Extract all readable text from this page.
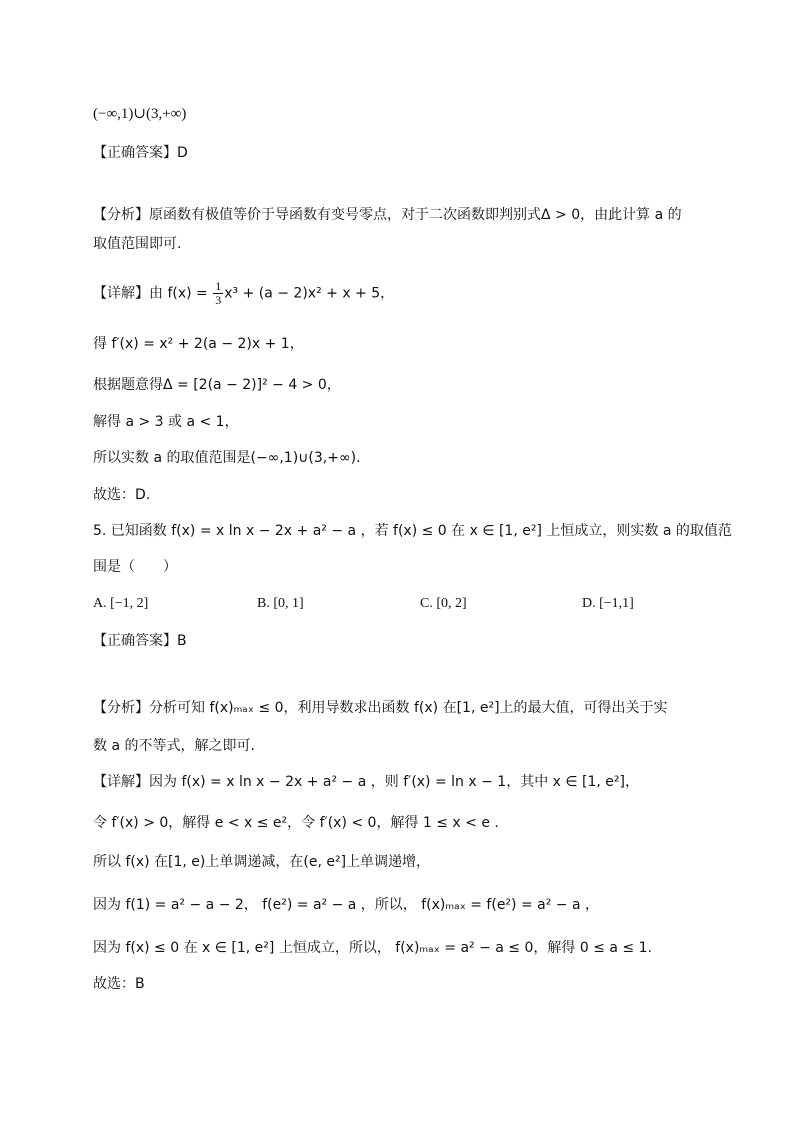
(−∞,1)∪(3,+∞)
【正确答案】D
【分析】原函数有极值等价于导函数有变号零点，对于二次函数即判别式Δ > 0，由此计算 a 的
取值范围即可.
【详解】由 $f(x) = \frac{1}{3} x^3 + (a - 2)x^2 + x + 5$，
得 f′(x) = x² + 2(a − 2)x + 1，
根据题意得Δ = [2(a − 2)]² − 4 > 0，
解得 a > 3 或 a < 1，
所以实数 a 的取值范围是(−∞,1)∪(3,+∞).
故选：D.
5. 已知函数 f(x) = x ln x − 2x + a² − a ，若 f(x) ≤ 0 在 x ∈ [1, e²] 上恒成立，则实数 a 的取值范
围是（　　）
A. [−1, 2]	B. [0, 1]	C. [0, 2]	D. [−1,1]
【正确答案】B
【分析】分析可知 f(x)ₘₐₓ ≤ 0，利用导数求出函数 f(x) 在[1, e²]上的最大值，可得出关于实
数 a 的不等式，解之即可.
【详解】因为 f(x) = x ln x − 2x + a² − a ，则 f′(x) = ln x − 1，其中 x ∈ [1, e²]，
令 f′(x) > 0，解得 e < x ≤ e²，令 f′(x) < 0，解得 1 ≤ x < e .
所以 f(x) 在[1, e)上单调递减，在(e, e²]上单调递增，
因为 f(1) = a² − a − 2， f(e²) = a² − a ，所以， f(x)ₘₐₓ = f(e²) = a² − a ，
因为 f(x) ≤ 0 在 x ∈ [1, e²] 上恒成立，所以， f(x)ₘₐₓ = a² − a ≤ 0，解得 0 ≤ a ≤ 1.
故选：B
